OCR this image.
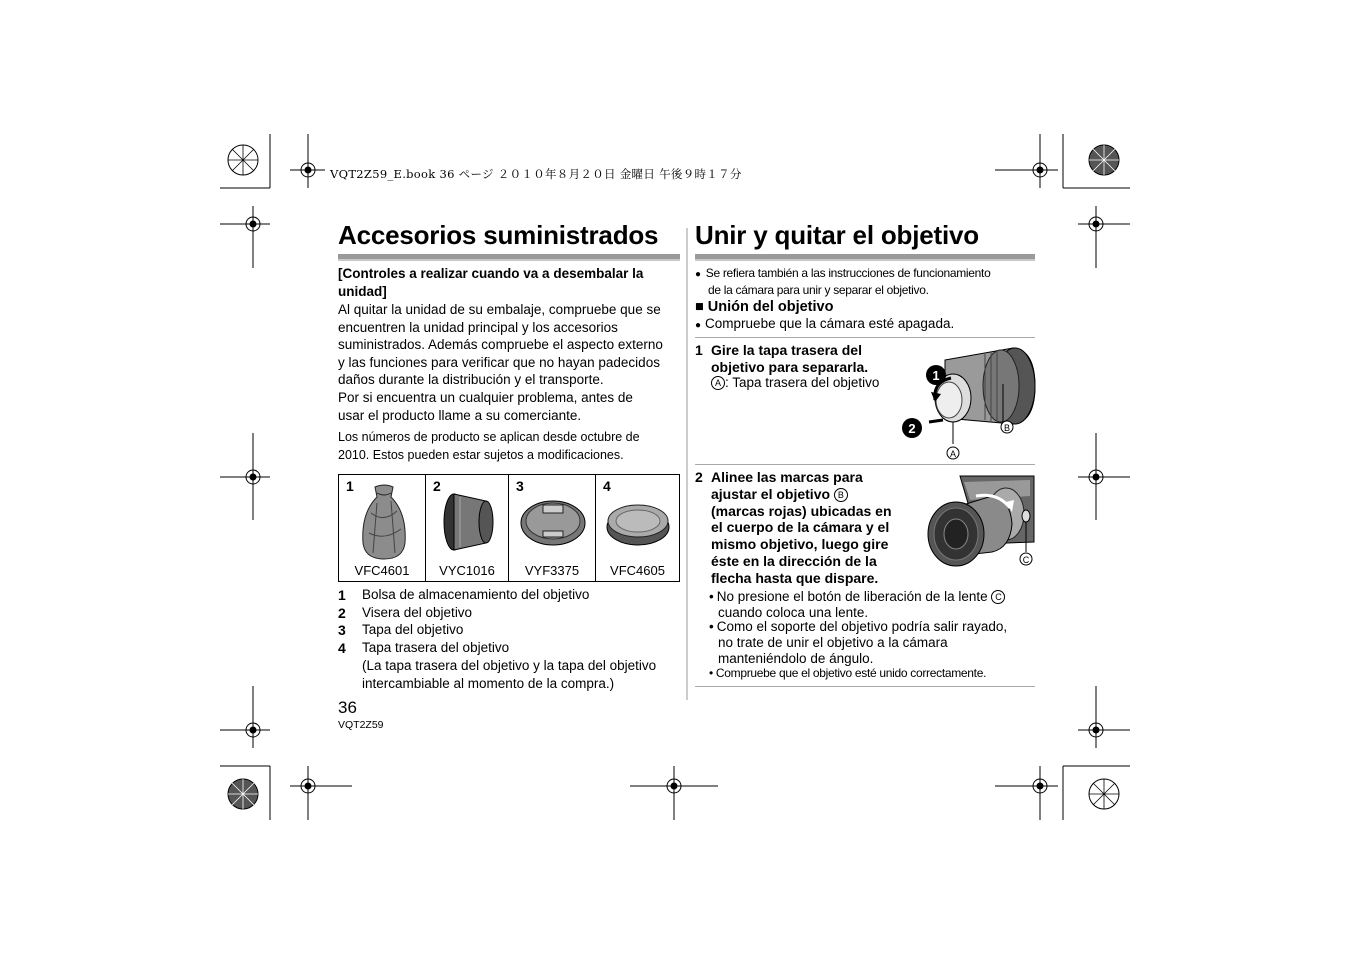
VQT2Z59_E.book 36 ページ ２０１０年８月２０日 金曜日 午後９時１７分
Accesorios suministrados
[Controles a realizar cuando va a desembalar la
unidad]
Al quitar la unidad de su embalaje, compruebe que se
encuentren la unidad principal y los accesorios
suministrados. Además compruebe el aspecto externo
y las funciones para verificar que no hayan padecidos
daños durante la distribución y el transporte.
Por si encuentra un cualquier problema, antes de
usar el producto llame a su comerciante.
Los números de producto se aplican desde octubre de
2010. Estos pueden estar sujetos a modificaciones.
1
VFC4601
2
VYC1016
3
VYF3375
4
VFC4605
1 Bolsa de almacenamiento del objetivo
2 Visera del objetivo
3 Tapa del objetivo
4 Tapa trasera del objetivo
(La tapa trasera del objetivo y la tapa del objetivo
intercambiable al momento de la compra.)
36
VQT2Z59
Unir y quitar el objetivo
● Se refiera también a las instrucciones de funcionamiento
de la cámara para unir y separar el objetivo.
■ Unión del objetivo
● Compruebe que la cámara esté apagada.
1 Gire la tapa trasera del
objetivo para separarla.
A : Tapa trasera del objetivo	1
2	B
A
2 Alinee las marcas para
ajustar el objetivo B
(marcas rojas) ubicadas en
el cuerpo de la cámara y el
mismo objetivo, luego gire
éste en la dirección de la
flecha hasta que dispare.
C
• No presione el botón de liberación de la lente C
cuando coloca una lente.
• Como el soporte del objetivo podría salir rayado,
no trate de unir el objetivo a la cámara
manteniéndolo de ángulo.
• Compruebe que el objetivo esté unido correctamente.
